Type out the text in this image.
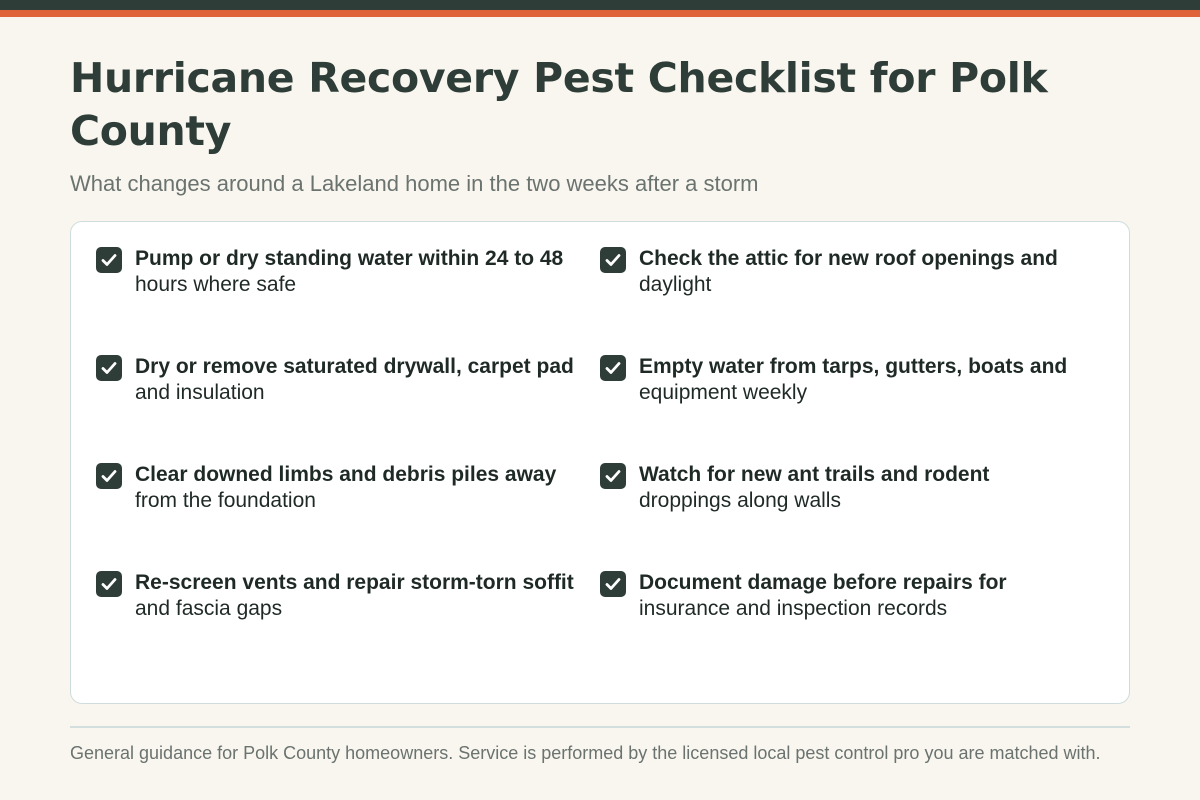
Hurricane Recovery Pest Checklist for Polk County
What changes around a Lakeland home in the two weeks after a storm
Pump or dry standing water within 24 to 48
hours where safe
Check the attic for new roof openings and
daylight
Dry or remove saturated drywall, carpet pad
and insulation
Empty water from tarps, gutters, boats and
equipment weekly
Clear downed limbs and debris piles away
from the foundation
Watch for new ant trails and rodent
droppings along walls
Re-screen vents and repair storm-torn soffit
and fascia gaps
Document damage before repairs for
insurance and inspection records
General guidance for Polk County homeowners. Service is performed by the licensed local pest control pro you are matched with.
